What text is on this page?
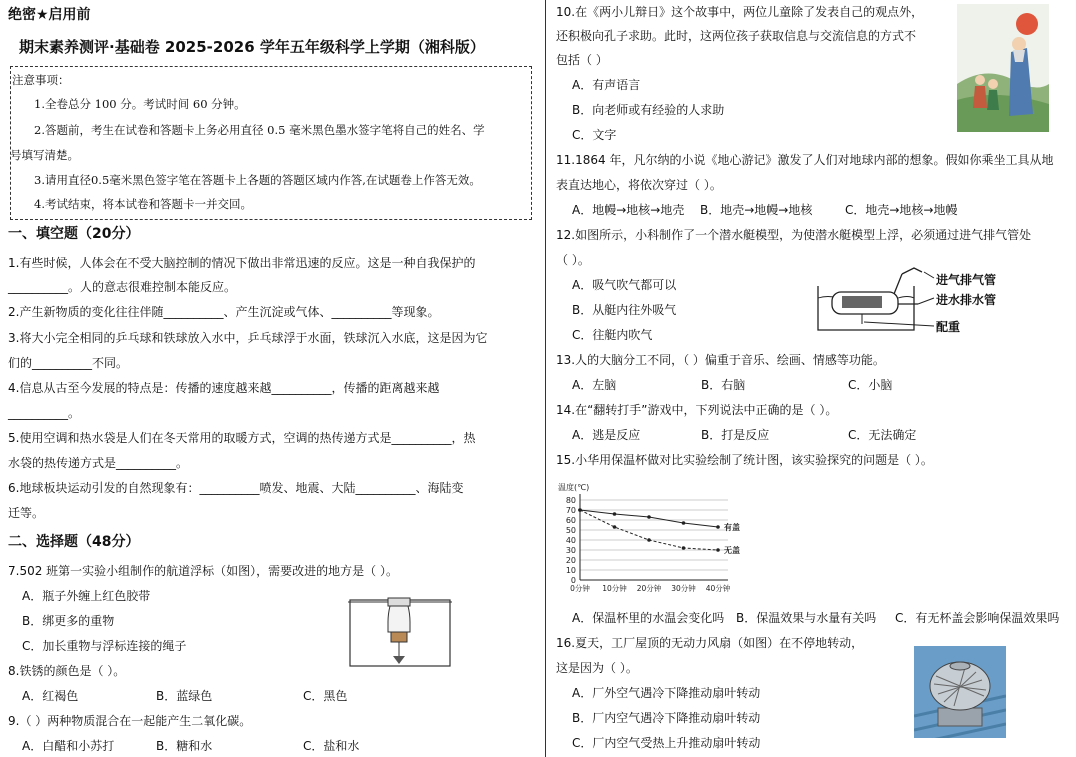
绝密★启用前
期末素养测评·基础卷 2025-2026 学年五年级科学上学期（湘科版）
注意事项：
1.全卷总分 100 分。考试时间 60 分钟。
2.答题前，考生在试卷和答题卡上务必用直径 0.5 毫米黑色墨水签字笔将自己的姓名、学
号填写清楚。
3.请用直径0.5毫米黑色签字笔在答题卡上各题的答题区域内作答,在试题卷上作答无效。
4.考试结束，将本试卷和答题卡一并交回。
一、填空题（20分）
1.有些时候，人体会在不受大脑控制的情况下做出非常迅速的反应。这是一种自我保护的
__________。人的意志很难控制本能反应。
2.产生新物质的变化往往伴随__________、产生沉淀或气体、__________等现象。
3.将大小完全相同的乒乓球和铁球放入水中，乒乓球浮于水面，铁球沉入水底，这是因为它
们的__________不同。
4.信息从古至今发展的特点是：传播的速度越来越__________，传播的距离越来越
__________。
5.使用空调和热水袋是人们在冬天常用的取暖方式，空调的热传递方式是__________，热
水袋的热传递方式是__________。
6.地球板块运动引发的自然现象有：__________喷发、地震、大陆__________、海陆变
迁等。
二、选择题（48分）
7.502 班第一实验小组制作的航道浮标（如图），需要改进的地方是（ ）。
A．瓶子外缠上红色胶带
B．绑更多的重物
C．加长重物与浮标连接的绳子
8.铁锈的颜色是（ ）。
A．红褐色	B．蓝绿色	C．黑色
9.（ ）两种物质混合在一起能产生二氧化碳。
A．白醋和小苏打	B．糖和水	C．盐和水
10.在《两小儿辩日》这个故事中，两位儿童除了发表自己的观点外，
还积极向孔子求助。此时，这两位孩子获取信息与交流信息的方式不
包括（ ）
A．有声语言
B．向老师或有经验的人求助
C．文字
11.1864 年，凡尔纳的小说《地心游记》激发了人们对地球内部的想象。假如你乘坐工具从地
表直达地心，将依次穿过（ ）。
A．地幔→地核→地壳 B．地壳→地幔→地核	C．地壳→地核→地幔
12.如图所示，小科制作了一个潜水艇模型，为使潜水艇模型上浮，必须通过进气排气管处
（ ）。
A．吸气吹气都可以
B．从艇内往外吸气
C．往艇内吹气
进气排气管
进水排水管
配重
13.人的大脑分工不同，（ ）偏重于音乐、绘画、情感等功能。
A．左脑	B．右脑	C．小脑
14.在“翻转打手”游戏中，下列说法中正确的是（ ）。
A．逃是反应	B．打是反应	C．无法确定
15.小华用保温杯做对比实验绘制了统计图，该实验探究的问题是（ ）。
温度(℃)
0
10
20
30
40
50
60
70
80
0分钟 10分钟 20分钟 30分钟 40分钟
有盖
无盖
A．保温杯里的水温会变化吗 B．保温效果与水量有关吗 C．有无杯盖会影响保温效果吗
16.夏天，工厂屋顶的无动力风扇（如图）在不停地转动，
这是因为（ ）。
A．厂外空气遇冷下降推动扇叶转动
B．厂内空气遇冷下降推动扇叶转动
C．厂内空气受热上升推动扇叶转动
